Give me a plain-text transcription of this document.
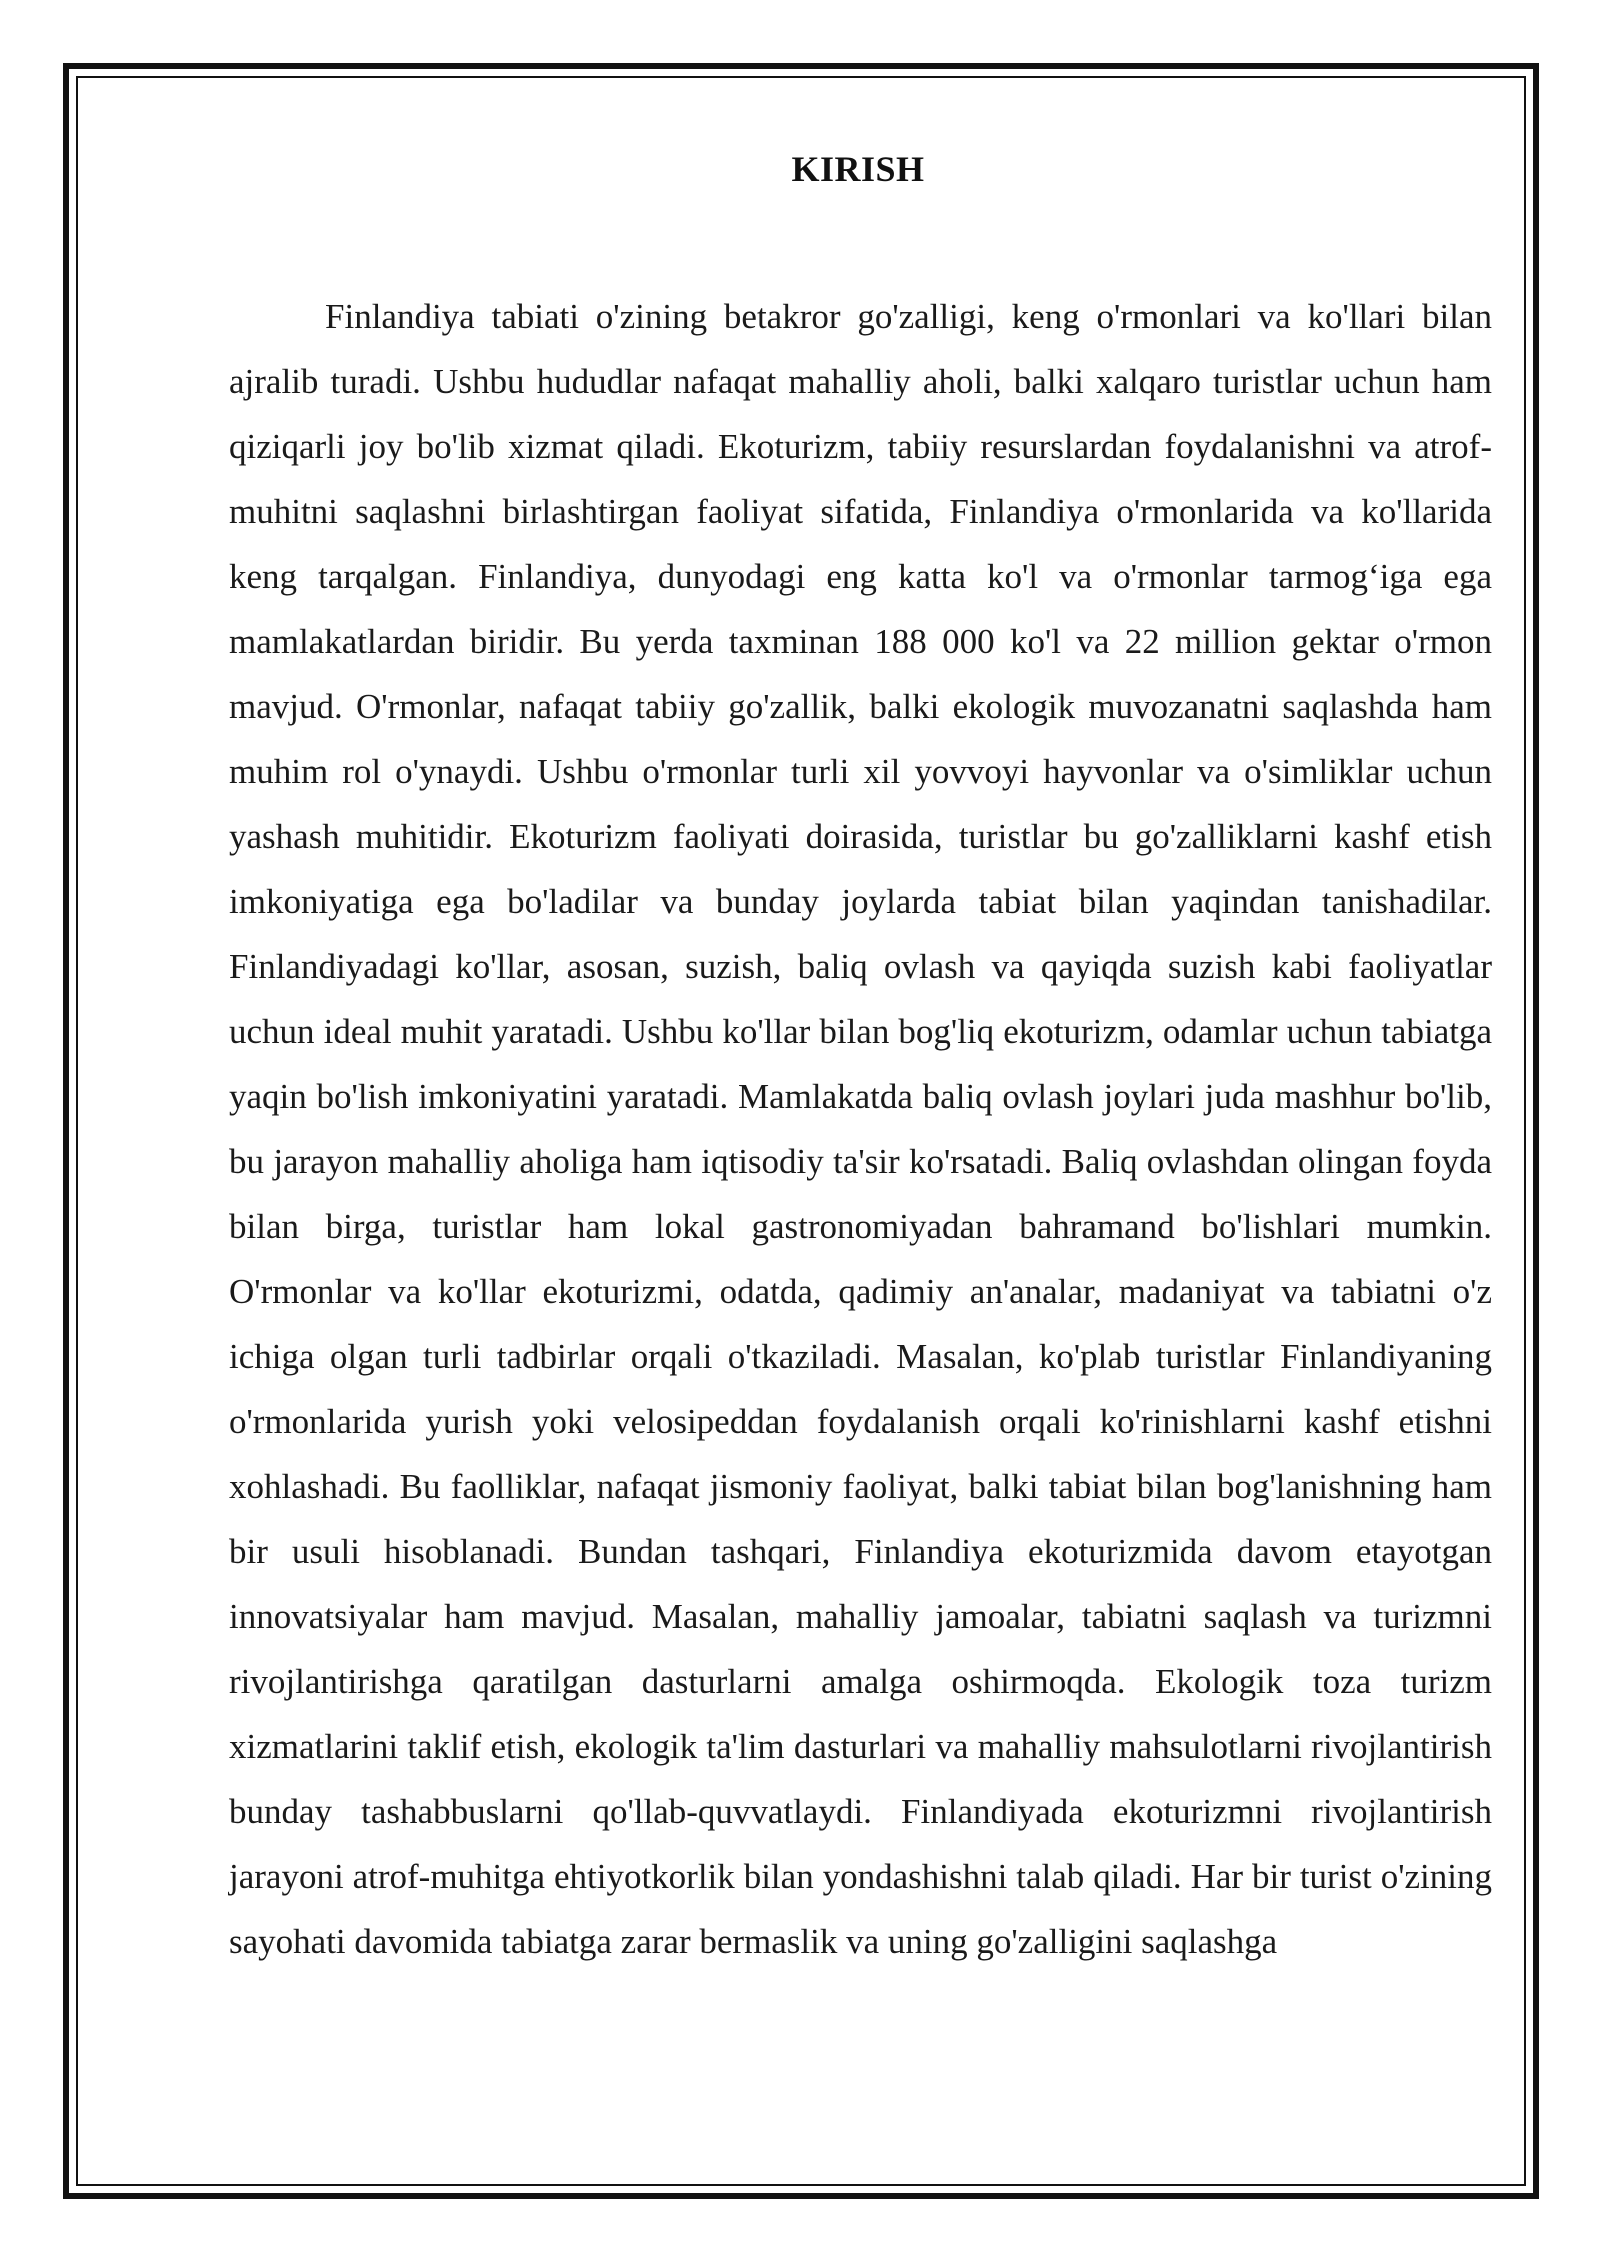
KIRISH

Finlandiya tabiati o'zining betakror go'zalligi, keng o'rmonlari va ko'llari bilan ajralib turadi. Ushbu hududlar nafaqat mahalliy aholi, balki xalqaro turistlar uchun ham qiziqarli joy bo'lib xizmat qiladi. Ekoturizm, tabiiy resurslardan foydalanishni va atrof-muhitni saqlashni birlashtirgan faoliyat sifatida, Finlandiya o'rmonlarida va ko'llarida keng tarqalgan. Finlandiya, dunyodagi eng katta ko'l va o'rmonlar tarmog‘iga ega mamlakatlardan biridir. Bu yerda taxminan 188 000 ko'l va 22 million gektar o'rmon mavjud. O'rmonlar, nafaqat tabiiy go'zallik, balki ekologik muvozanatni saqlashda ham muhim rol o'ynaydi. Ushbu o'rmonlar turli xil yovvoyi hayvonlar va o'simliklar uchun yashash muhitidir. Ekoturizm faoliyati doirasida, turistlar bu go'zalliklarni kashf etish imkoniyatiga ega bo'ladilar va bunday joylarda tabiat bilan yaqindan tanishadilar. Finlandiyadagi ko'llar, asosan, suzish, baliq ovlash va qayiqda suzish kabi faoliyatlar uchun ideal muhit yaratadi. Ushbu ko'llar bilan bog'liq ekoturizm, odamlar uchun tabiatga yaqin bo'lish imkoniyatini yaratadi. Mamlakatda baliq ovlash joylari juda mashhur bo'lib, bu jarayon mahalliy aholiga ham iqtisodiy ta'sir ko'rsatadi. Baliq ovlashdan olingan foyda bilan birga, turistlar ham lokal gastronomiyadan bahramand bo'lishlari mumkin. O'rmonlar va ko'llar ekoturizmi, odatda, qadimiy an'analar, madaniyat va tabiatni o'z ichiga olgan turli tadbirlar orqali o'tkaziladi. Masalan, ko'plab turistlar Finlandiyaning o'rmonlarida yurish yoki velosipeddan foydalanish orqali ko'rinishlarni kashf etishni xohlashadi. Bu faolliklar, nafaqat jismoniy faoliyat, balki tabiat bilan bog'lanishning ham bir usuli hisoblanadi. Bundan tashqari, Finlandiya ekoturizmida davom etayotgan innovatsiyalar ham mavjud. Masalan, mahalliy jamoalar, tabiatni saqlash va turizmni rivojlantirishga qaratilgan dasturlarni amalga oshirmoqda. Ekologik toza turizm xizmatlarini taklif etish, ekologik ta'lim dasturlari va mahalliy mahsulotlarni rivojlantirish bunday tashabbuslarni qo'llab-quvvatlaydi. Finlandiyada ekoturizmni rivojlantirish jarayoni atrof-muhitga ehtiyotkorlik bilan yondashishni talab qiladi. Har bir turist o'zining sayohati davomida tabiatga zarar bermaslik va uning go'zalligini saqlashga
